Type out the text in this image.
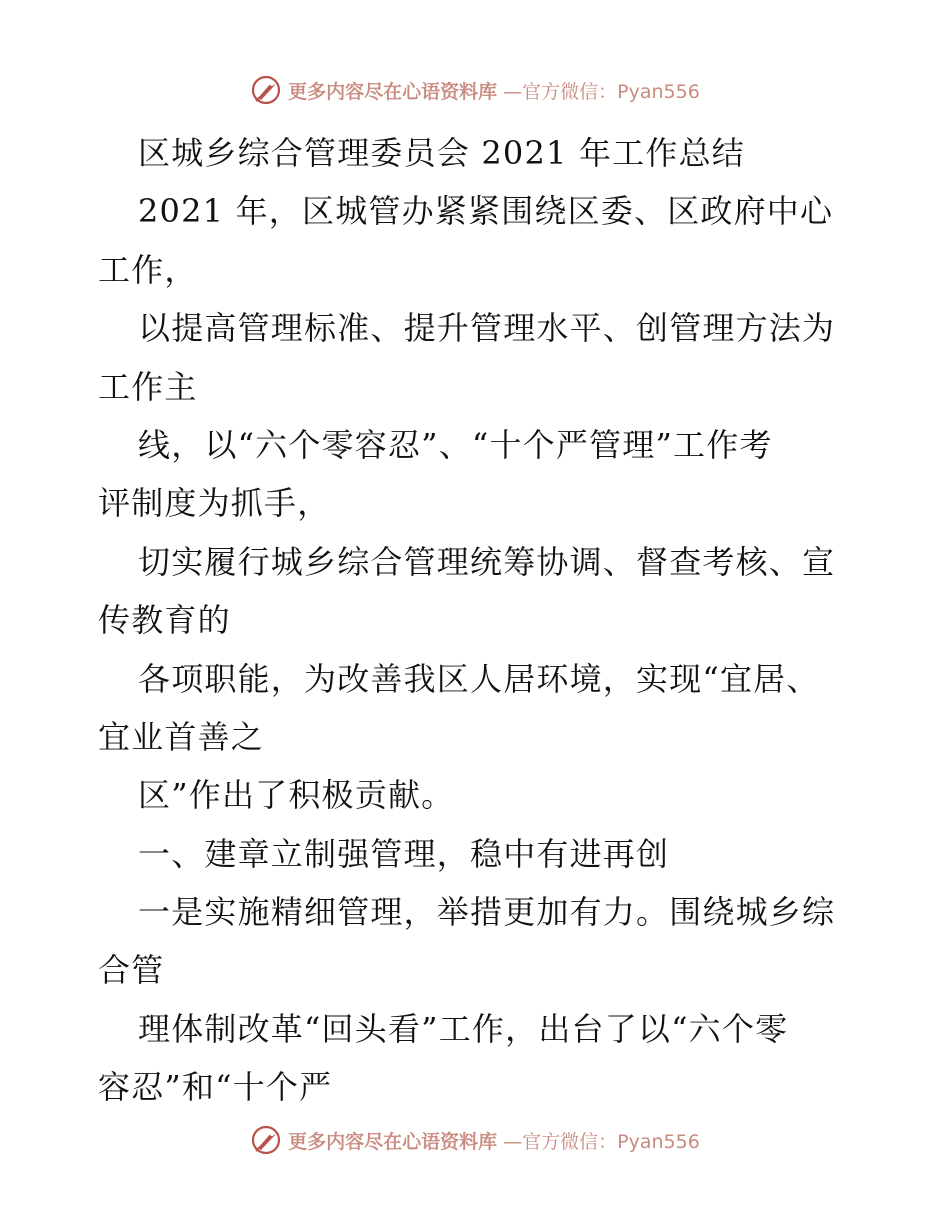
更多内容尽在心语资料库 —官方微信：Pyan556
区城乡综合管理委员会 2021 年工作总结
2021 年，区城管办紧紧围绕区委、区政府中心
工作，
以提高管理标准、提升管理水平、创管理方法为
工作主
线，以“六个零容忍”、“十个严管理”工作考
评制度为抓手，
切实履行城乡综合管理统筹协调、督查考核、宣
传教育的
各项职能，为改善我区人居环境，实现“宜居、
宜业首善之
区”作出了积极贡献。
一、建章立制强管理，稳中有进再创
一是实施精细管理，举措更加有力。围绕城乡综
合管
理体制改革“回头看”工作，出台了以“六个零
容忍”和“十个严
更多内容尽在心语资料库 —官方微信：Pyan556
